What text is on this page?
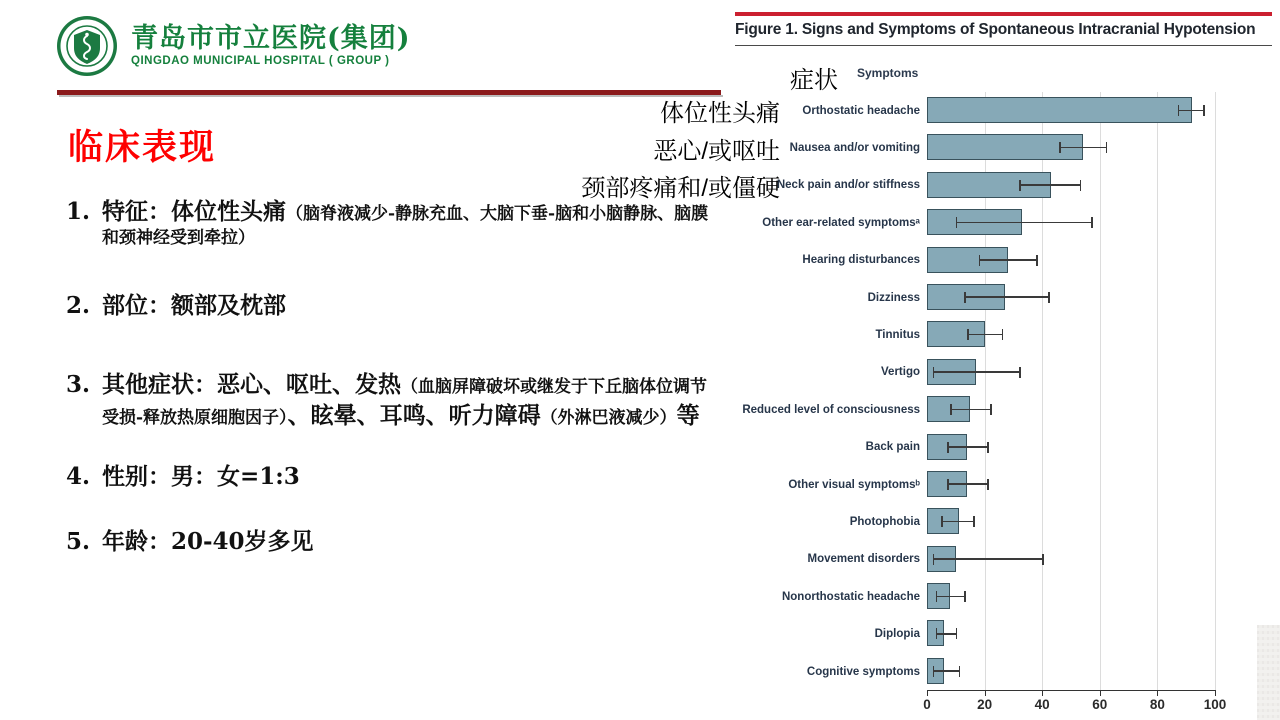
青岛市市立医院(集团)
QINGDAO MUNICIPAL HOSPITAL ( GROUP )
临床表现
1. 特征：体位性头痛（脑脊液减少-静脉充血、大脑下垂-脑和小脑静脉、脑膜和颈神经受到牵拉）
2. 部位：额部及枕部
3. 其他症状：恶心、呕吐、发热（血脑屏障破坏或继发于下丘脑体位调节受损-释放热原细胞因子）、眩晕、耳鸣、听力障碍（外淋巴液减少）等
4. 性别：男：女=1:3
5. 年龄：20-40岁多见
Figure 1. Signs and Symptoms of Spontaneous Intracranial Hypotension
Symptoms
Orthostatic headache
Nausea and/or vomiting
Neck pain and/or stiffness
Other ear-related symptomsᵃ
Hearing disturbances
Dizziness
Tinnitus
Vertigo
Reduced level of consciousness
Back pain
Other visual symptomsᵇ
Photophobia
Movement disorders
Nonorthostatic headache
Diplopia
Cognitive symptoms
0	20	40	60	80	100
症状
体位性头痛
恶心/或呕吐
颈部疼痛和/或僵硬
